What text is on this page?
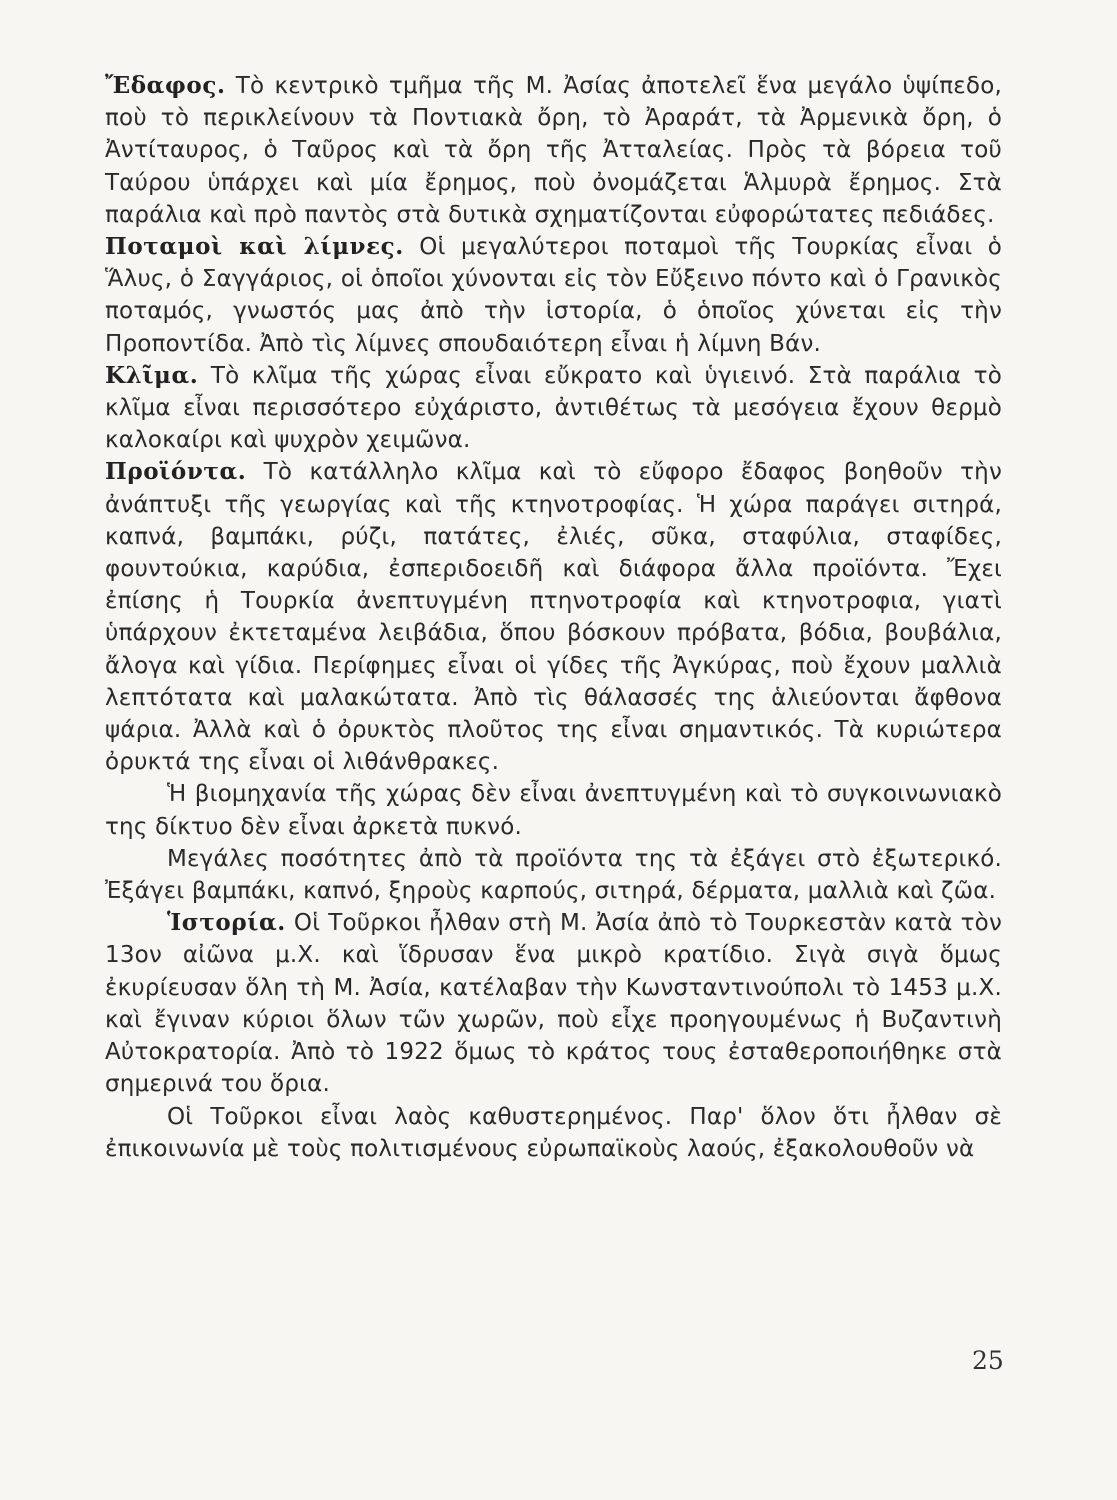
Ἔδαφος. Τὸ κεντρικὸ τμῆμα τῆς Μ. Ἀσίας ἀποτελεῖ ἕνα μεγάλο ὑψίπεδο, ποὺ τὸ περικλείνουν τὰ Ποντιακὰ ὄρη, τὸ Ἀραράτ, τὰ Ἀρμενικὰ ὄρη, ὁ Ἀντίταυρος, ὁ Ταῦρος καὶ τὰ ὄρη τῆς Ἀτταλείας. Πρὸς τὰ βόρεια τοῦ Ταύρου ὑπάρχει καὶ μία ἔρημος, ποὺ ὀνομάζεται Ἁλμυρὰ ἔρημος. Στὰ παράλια καὶ πρὸ παντὸς στὰ δυτικὰ σχηματίζονται εὐφορώτατες πεδιάδες.

Ποταμοὶ καὶ λίμνες. Οἱ μεγαλύτεροι ποταμοὶ τῆς Τουρκίας εἶναι ὁ Ἅλυς, ὁ Σαγγάριος, οἱ ὁποῖοι χύνονται εἰς τὸν Εὔξεινο πόντο καὶ ὁ Γρανικὸς ποταμός, γνωστός μας ἀπὸ τὴν ἱστορία, ὁ ὁποῖος χύνεται εἰς τὴν Προποντίδα. Ἀπὸ τὶς λίμνες σπουδαιότερη εἶναι ἡ λίμνη Βάν.

Κλῖμα. Τὸ κλῖμα τῆς χώρας εἶναι εὔκρατο καὶ ὑγιεινό. Στὰ παράλια τὸ κλῖμα εἶναι περισσότερο εὐχάριστο, ἀντιθέτως τὰ μεσόγεια ἔχουν θερμὸ καλοκαίρι καὶ ψυχρὸν χειμῶνα.

Προϊόντα. Τὸ κατάλληλο κλῖμα καὶ τὸ εὔφορο ἔδαφος βοηθοῦν τὴν ἀνάπτυξι τῆς γεωργίας καὶ τῆς κτηνοτροφίας. Ἡ χώρα παράγει σιτηρά, καπνά, βαμπάκι, ρύζι, πατάτες, ἐλιές, σῦκα, σταφύλια, σταφίδες, φουντούκια, καρύδια, ἐσπεριδοειδῆ καὶ διάφορα ἄλλα προϊόντα. Ἔχει ἐπίσης ἡ Τουρκία ἀνεπτυγμένη πτηνοτροφία καὶ κτηνοτροφια, γιατὶ ὑπάρχουν ἐκτεταμένα λειβάδια, ὅπου βόσκουν πρόβατα, βόδια, βουβάλια, ἄλογα καὶ γίδια. Περίφημες εἶναι οἱ γίδες τῆς Ἀγκύρας, ποὺ ἔχουν μαλλιὰ λεπτότατα καὶ μαλακώτατα. Ἀπὸ τὶς θάλασσές της ἁλιεύονται ἄφθονα ψάρια. Ἀλλὰ καὶ ὁ ὀρυκτὸς πλοῦτος της εἶναι σημαντικός. Τὰ κυριώτερα ὀρυκτά της εἶναι οἱ λιθάνθρακες.

Ἡ βιομηχανία τῆς χώρας δὲν εἶναι ἀνεπτυγμένη καὶ τὸ συγκοινωνιακὸ της δίκτυο δὲν εἶναι ἀρκετὰ πυκνό.

Μεγάλες ποσότητες ἀπὸ τὰ προϊόντα της τὰ ἐξάγει στὸ ἐξωτερικό. Ἐξάγει βαμπάκι, καπνό, ξηροὺς καρπούς, σιτηρά, δέρματα, μαλλιὰ καὶ ζῶα.

Ἱστορία. Οἱ Τοῦρκοι ἦλθαν στὴ Μ. Ἀσία ἀπὸ τὸ Τουρκεστὰν κατὰ τὸν 13ον αἰῶνα μ.Χ. καὶ ἵδρυσαν ἕνα μικρὸ κρατίδιο. Σιγὰ σιγὰ ὅμως ἐκυρίευσαν ὅλη τὴ Μ. Ἀσία, κατέλαβαν τὴν Κωνσταντινούπολι τὸ 1453 μ.Χ. καὶ ἔγιναν κύριοι ὅλων τῶν χωρῶν, ποὺ εἶχε προηγουμένως ἡ Βυζαντινὴ Αὐτοκρατορία. Ἀπὸ τὸ 1922 ὅμως τὸ κράτος τους ἐσταθεροποιήθηκε στὰ σημερινά του ὅρια.

Οἱ Τοῦρκοι εἶναι λαὸς καθυστερημένος. Παρ' ὅλον ὅτι ἦλθαν σὲ ἐπικοινωνία μὲ τοὺς πολιτισμένους εὐρωπαϊκοὺς λαούς, ἐξακολουθοῦν νὰ

25
